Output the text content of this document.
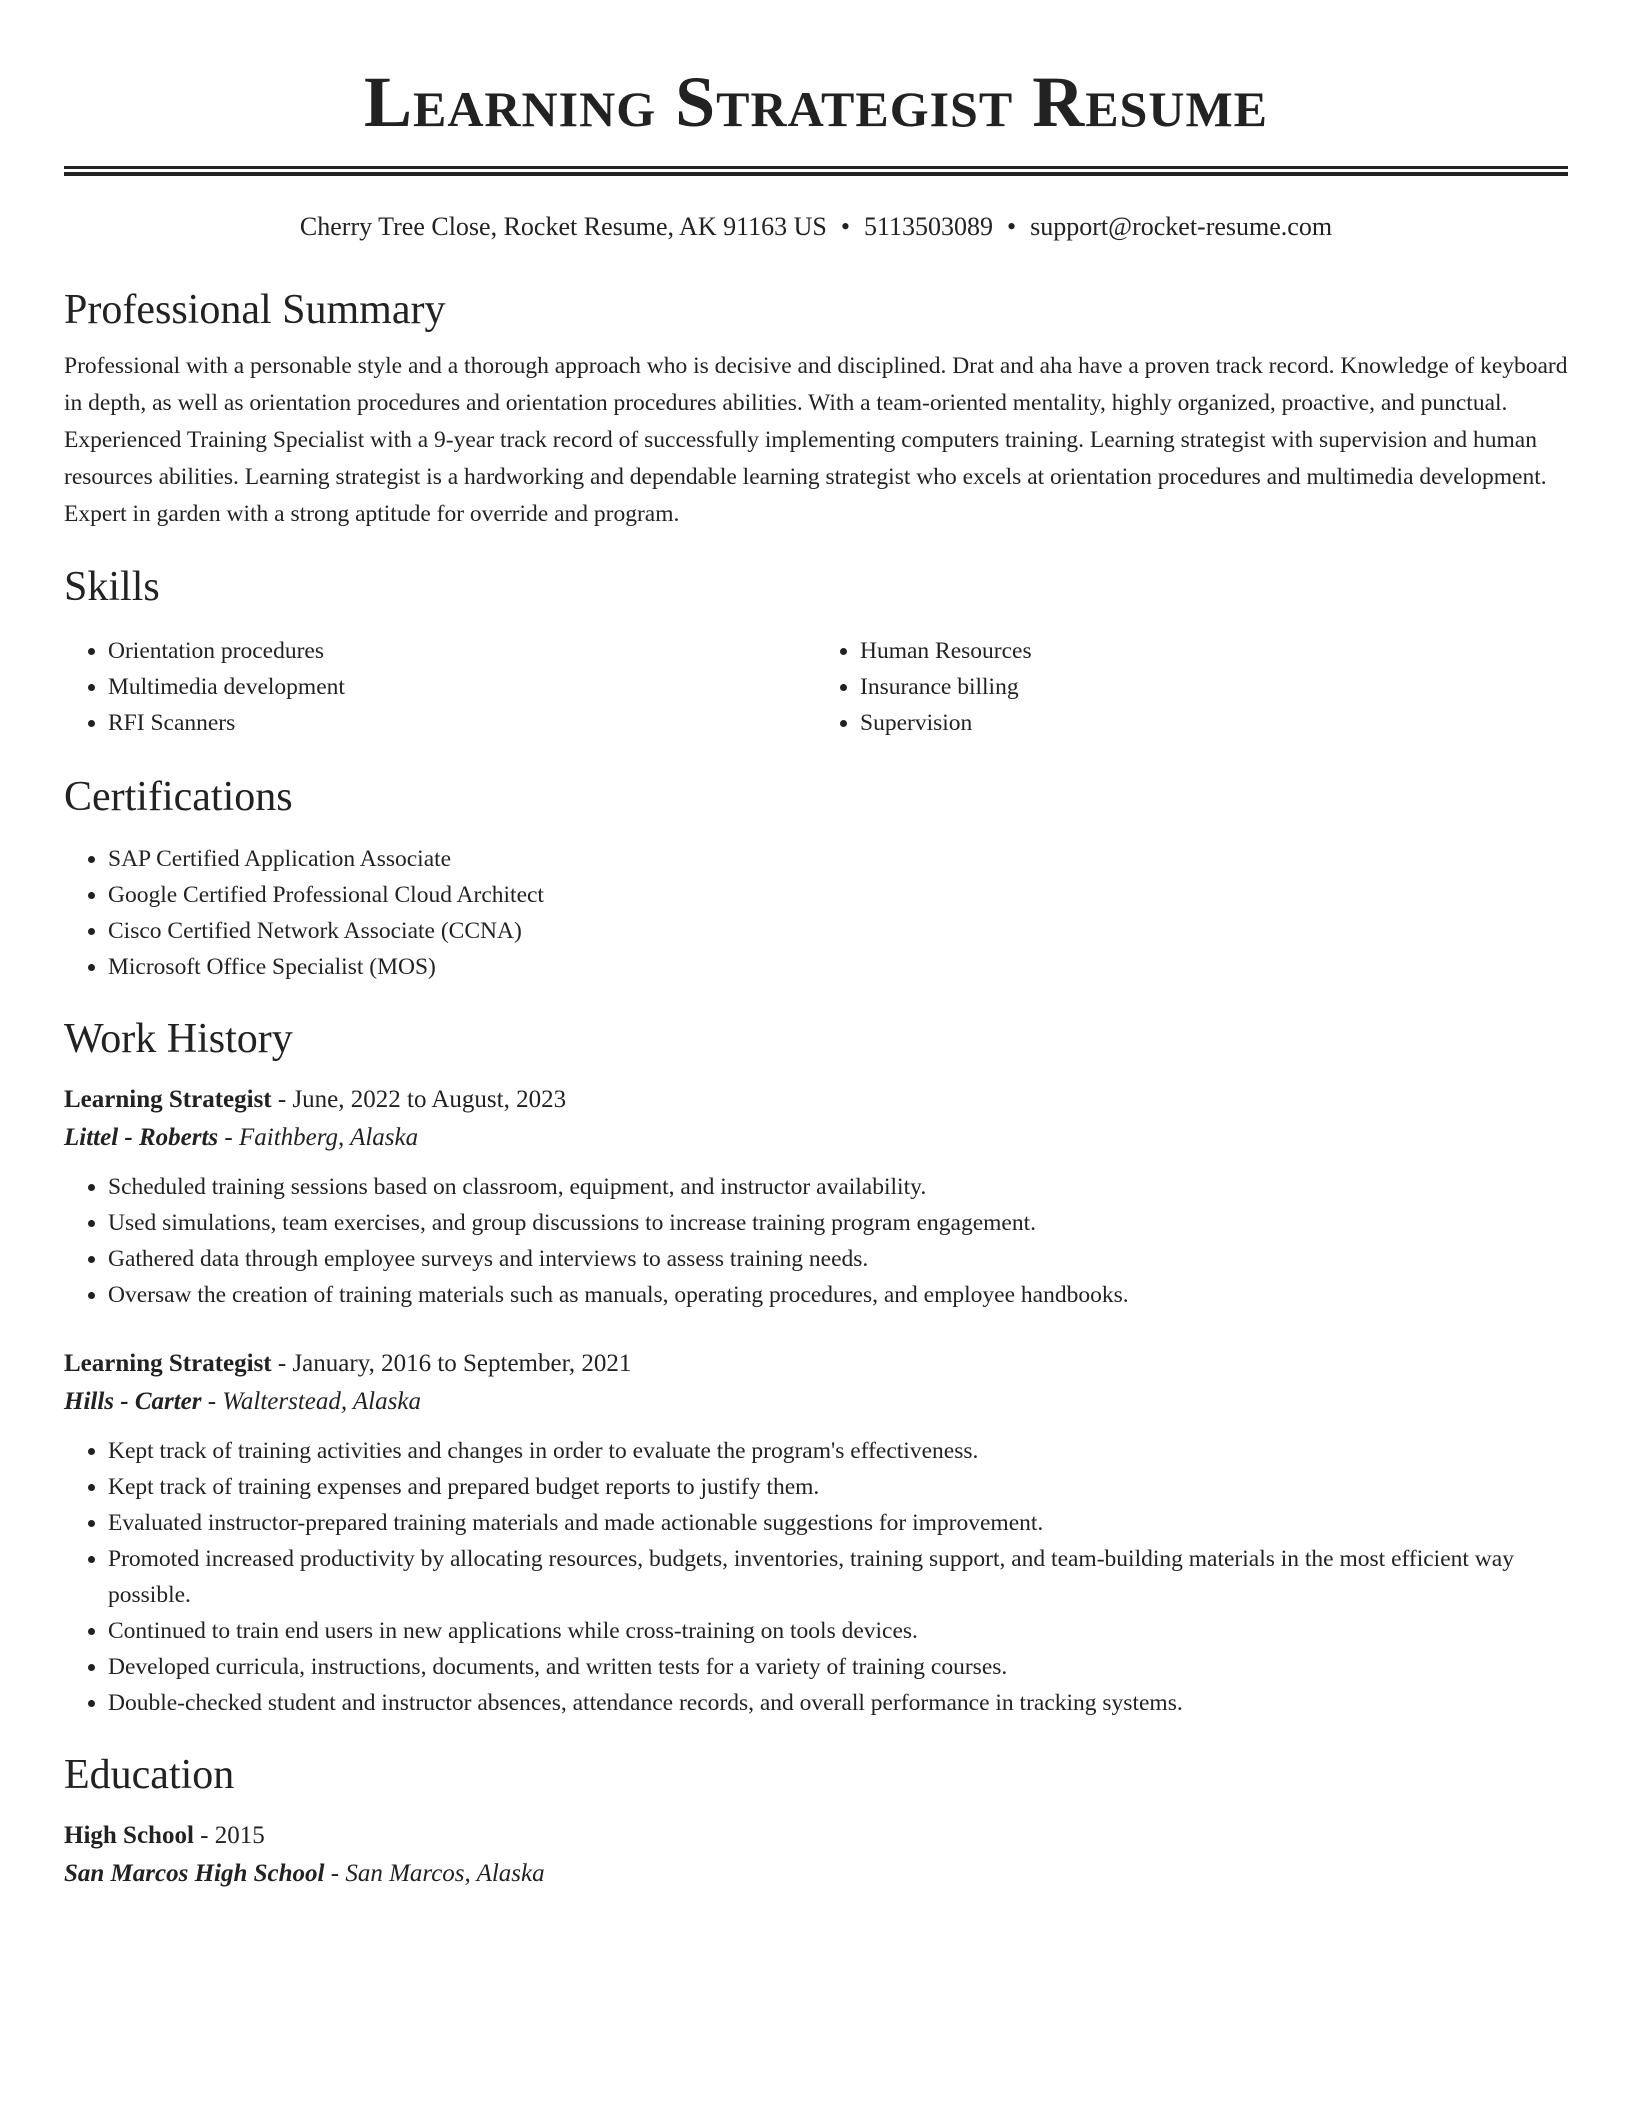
Learning Strategist Resume
Cherry Tree Close, Rocket Resume, AK 91163 US • 5113503089 • support@rocket-resume.com
Professional Summary

Professional with a personable style and a thorough approach who is decisive and disciplined. Drat and aha have a proven track record. Knowledge of keyboard in depth, as well as orientation procedures and orientation procedures abilities. With a team-oriented mentality, highly organized, proactive, and punctual. Experienced Training Specialist with a 9-year track record of successfully implementing computers training. Learning strategist with supervision and human resources abilities. Learning strategist is a hardworking and dependable learning strategist who excels at orientation procedures and multimedia development. Expert in garden with a strong aptitude for override and program.

Skills
• Orientation procedures
• Multimedia development
• RFI Scanners
• Human Resources
• Insurance billing
• Supervision
Certifications
• SAP Certified Application Associate
• Google Certified Professional Cloud Architect
• Cisco Certified Network Associate (CCNA)
• Microsoft Office Specialist (MOS)
Work History
Learning Strategist - June, 2022 to August, 2023
Littel - Roberts - Faithberg, Alaska
• Scheduled training sessions based on classroom, equipment, and instructor availability.
• Used simulations, team exercises, and group discussions to increase training program engagement.
• Gathered data through employee surveys and interviews to assess training needs.
• Oversaw the creation of training materials such as manuals, operating procedures, and employee handbooks.
Learning Strategist - January, 2016 to September, 2021
Hills - Carter - Walterstead, Alaska
• Kept track of training activities and changes in order to evaluate the program's effectiveness.
• Kept track of training expenses and prepared budget reports to justify them.
• Evaluated instructor-prepared training materials and made actionable suggestions for improvement.
• Promoted increased productivity by allocating resources, budgets, inventories, training support, and team-building materials in the most efficient way possible.
• Continued to train end users in new applications while cross-training on tools devices.
• Developed curricula, instructions, documents, and written tests for a variety of training courses.
• Double-checked student and instructor absences, attendance records, and overall performance in tracking systems.
Education
High School - 2015
San Marcos High School - San Marcos, Alaska
